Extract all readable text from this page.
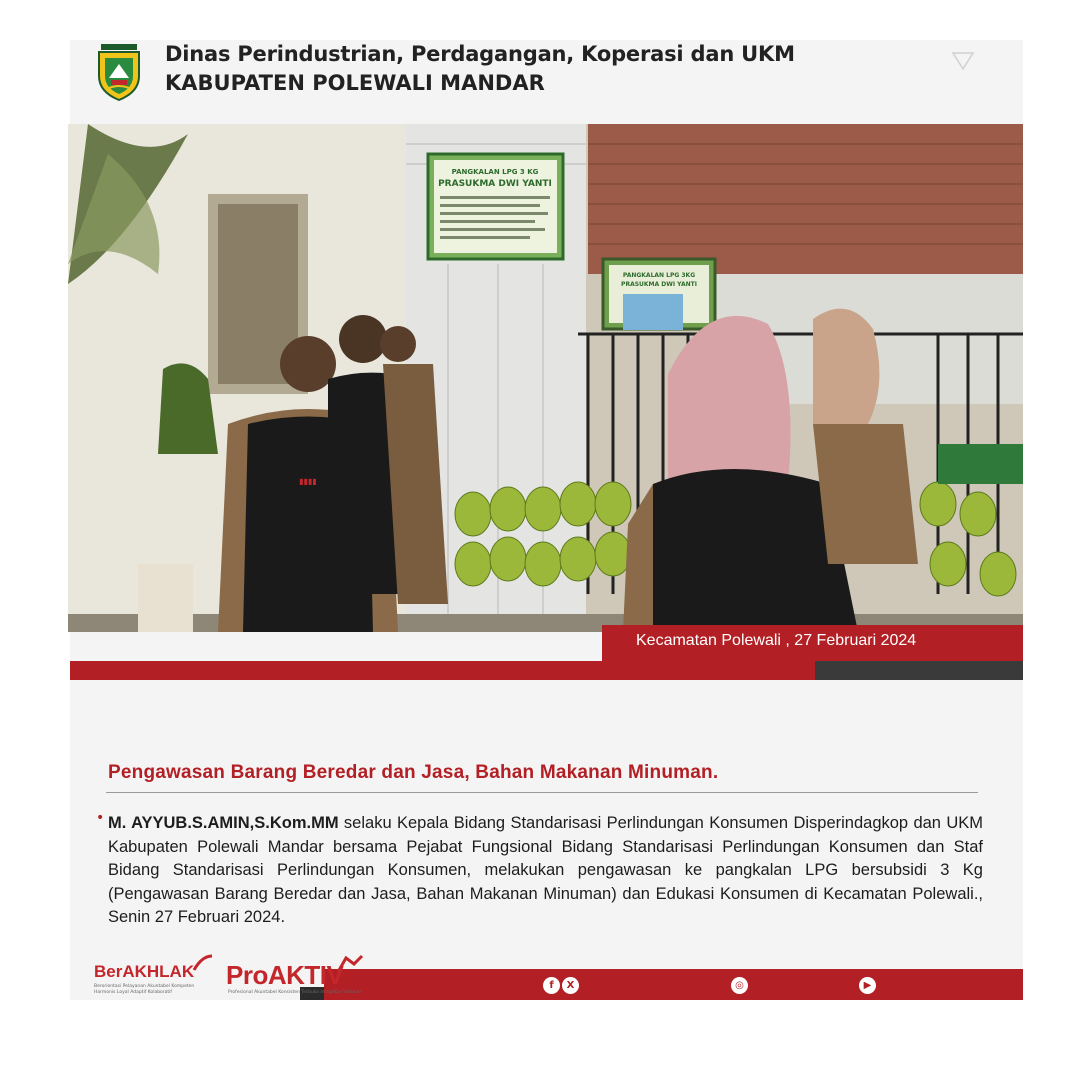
Dinas Perindustrian, Perdagangan, Koperasi dan UKM
KABUPATEN POLEWALI MANDAR
PANGKALAN LPG 3 KG
PRASUKMA DWI YANTI
PANGKALAN LPG 3KG
PRASUKMA DWI YANTI
▮▮▮▮
Kecamatan Polewali , 27 Februari 2024
Pengawasan Barang Beredar dan Jasa, Bahan Makanan Minuman.
• M. AYYUB.S.AMIN,S.Kom.MM selaku Kepala Bidang Standarisasi Perlindungan Konsumen Disperindagkop dan UKM Kabupaten Polewali Mandar bersama Pejabat Fungsional Bidang Standarisasi Perlindungan Konsumen dan Staf Bidang Standarisasi Perlindungan Konsumen, melakukan pengawasan ke pangkalan LPG bersubsidi 3 Kg (Pengawasan Barang Beredar dan Jasa, Bahan Makanan Minuman) dan Edukasi Konsumen di Kecamatan Polewali., Senin 27 Februari 2024.
BerAKHLAK
Berorientasi Pelayanan Akuntabel Kompeten Harmonis Loyal Adaptif Kolaboratif
ProAKTIV
Profesional Akuntabel Konsisten Terbuka Integritas Visioner
f	X	◎	▶
